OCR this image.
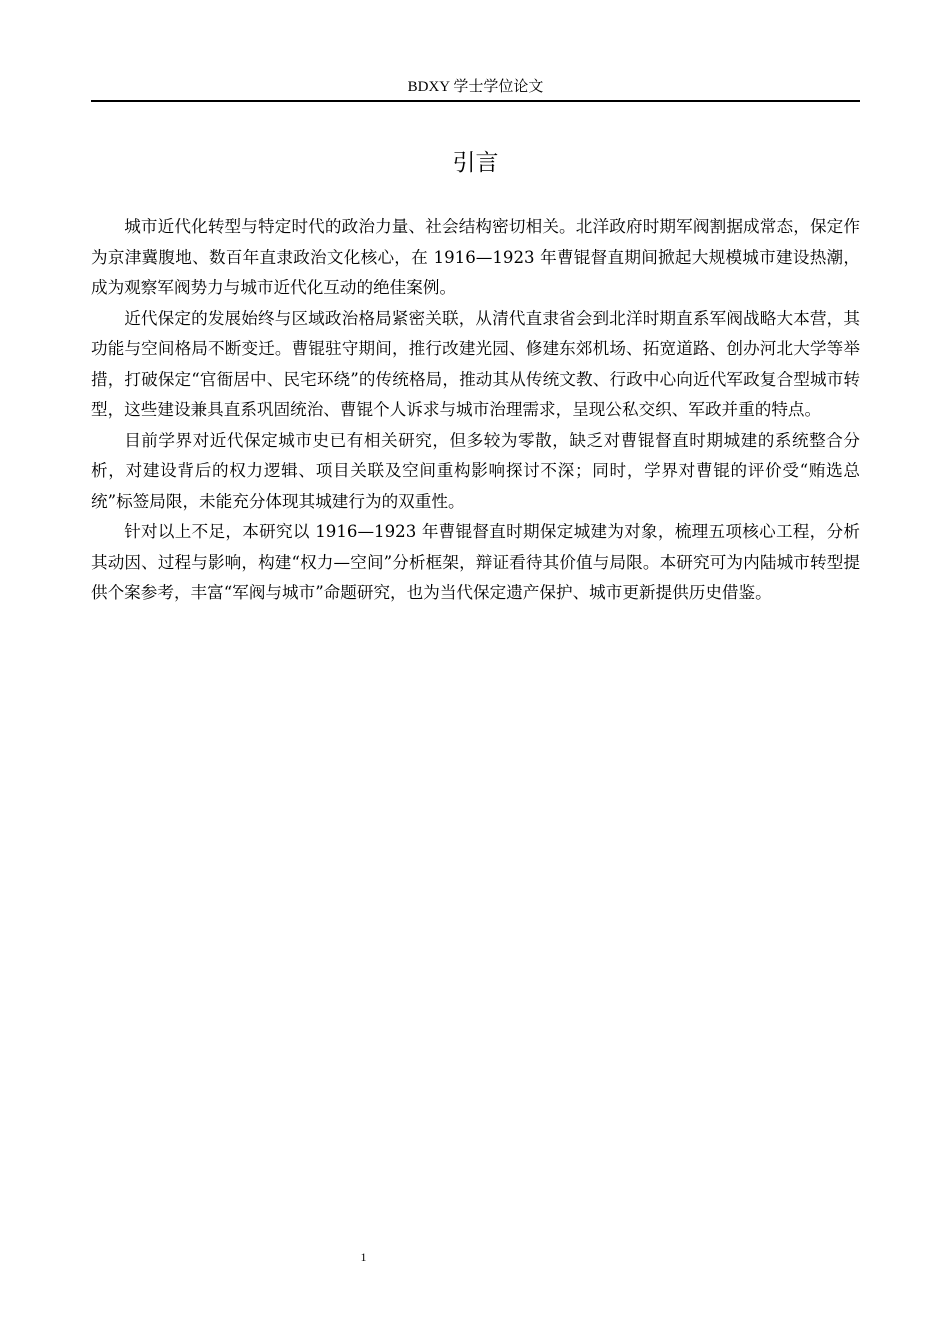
BDXY 学士学位论文
引言

城市近代化转型与特定时代的政治力量、社会结构密切相关。北洋政府时期军阀割据成常态，保定作为京津冀腹地、数百年直隶政治文化核心，在 1916—1923 年曹锟督直期间掀起大规模城市建设热潮，成为观察军阀势力与城市近代化互动的绝佳案例。

近代保定的发展始终与区域政治格局紧密关联，从清代直隶省会到北洋时期直系军阀战略大本营，其功能与空间格局不断变迁。曹锟驻守期间，推行改建光园、修建东郊机场、拓宽道路、创办河北大学等举措，打破保定“官衙居中、民宅环绕”的传统格局，推动其从传统文教、行政中心向近代军政复合型城市转型，这些建设兼具直系巩固统治、曹锟个人诉求与城市治理需求，呈现公私交织、军政并重的特点。

目前学界对近代保定城市史已有相关研究，但多较为零散，缺乏对曹锟督直时期城建的系统整合分析，对建设背后的权力逻辑、项目关联及空间重构影响探讨不深；同时，学界对曹锟的评价受“贿选总统”标签局限，未能充分体现其城建行为的双重性。

针对以上不足，本研究以 1916—1923 年曹锟督直时期保定城建为对象，梳理五项核心工程，分析其动因、过程与影响，构建“权力—空间”分析框架，辩证看待其价值与局限。本研究可为内陆城市转型提供个案参考，丰富“军阀与城市”命题研究，也为当代保定遗产保护、城市更新提供历史借鉴。

1
